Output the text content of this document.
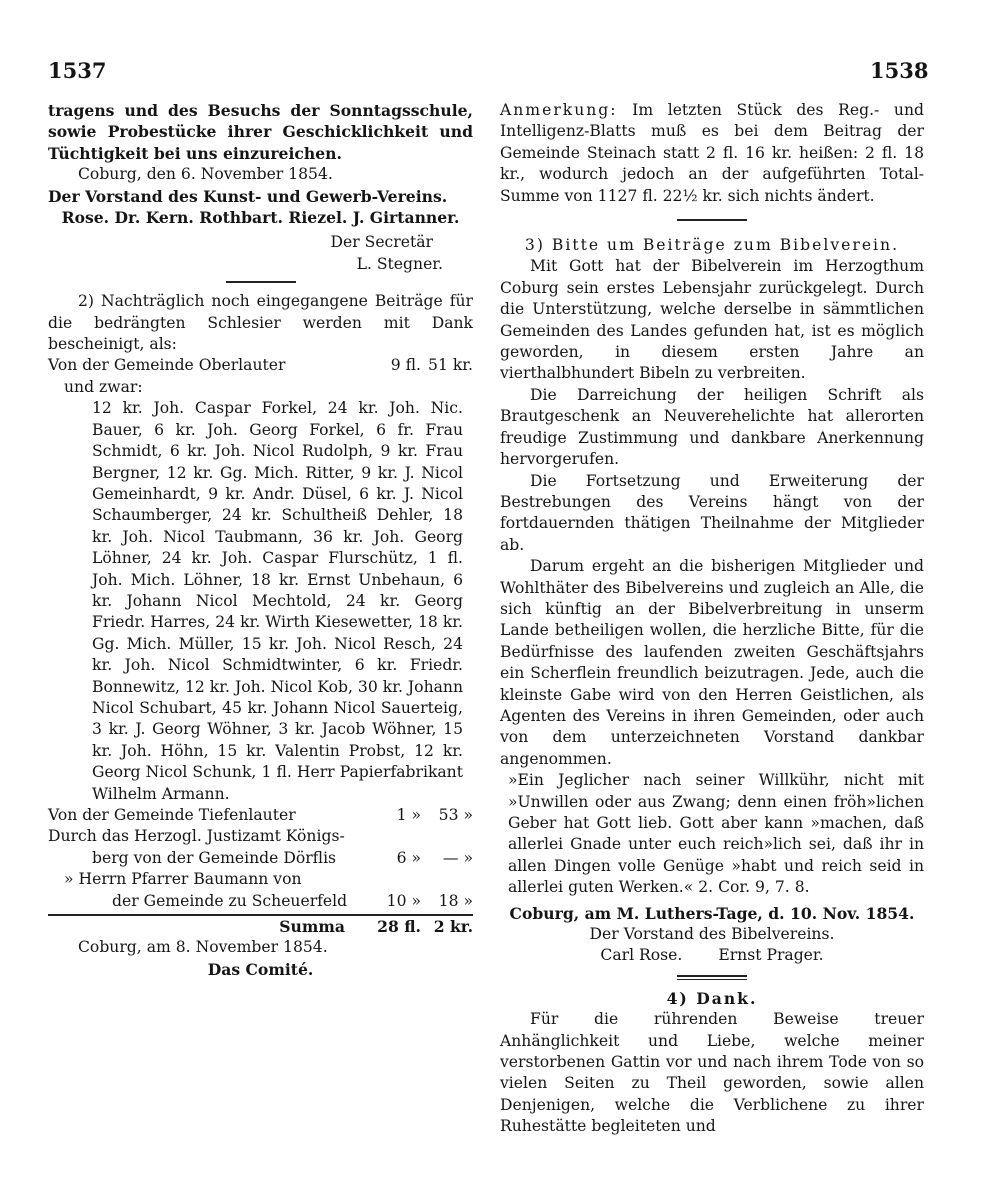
1537	1538
tragens und des Besuchs der Sonntagsschule, sowie Probestücke ihrer Geschicklichkeit und Tüchtigkeit bei uns einzureichen.
Coburg, den 6. November 1854.
Der Vorstand des Kunst- und Gewerb-Vereins.
Rose. Dr. Kern. Rothbart. Riezel. J. Girtanner.
Der Secretär
L. Stegner.
2) Nachträglich noch eingegangene Beiträge für die bedrängten Schlesier werden mit Dank bescheinigt, als:
Von der Gemeinde Oberlauter	9 fl. 51 kr.
und zwar:
12 kr. Joh. Caspar Forkel, 24 kr. Joh. Nic. Bauer, 6 kr. Joh. Georg Forkel, 6 fr. Frau Schmidt, 6 kr. Joh. Nicol Rudolph, 9 kr. Frau Bergner, 12 kr. Gg. Mich. Ritter, 9 kr. J. Nicol Gemeinhardt, 9 kr. Andr. Düsel, 6 kr. J. Nicol Schaumberger, 24 kr. Schultheiß Dehler, 18 kr. Joh. Nicol Taubmann, 36 kr. Joh. Georg Löhner, 24 kr. Joh. Caspar Flurschütz, 1 fl. Joh. Mich. Löhner, 18 kr. Ernst Unbehaun, 6 kr. Johann Nicol Mechtold, 24 kr. Georg Friedr. Harres, 24 kr. Wirth Kiesewetter, 18 kr. Gg. Mich. Müller, 15 kr. Joh. Nicol Resch, 24 kr. Joh. Nicol Schmidtwinter, 6 kr. Friedr. Bonnewitz, 12 kr. Joh. Nicol Kob, 30 kr. Johann Nicol Schubart, 45 kr. Johann Nicol Sauerteig, 3 kr. J. Georg Wöhner, 3 kr. Jacob Wöhner, 15 kr. Joh. Höhn, 15 kr. Valentin Probst, 12 kr. Georg Nicol Schunk, 1 fl. Herr Papierfabrikant Wilhelm Armann.
Von der Gemeinde Tiefenlauter	1 »	53 »
Durch das Herzogl. Justizamt Königs-
berg von der Gemeinde Dörflis	6 »	— »
» Herrn Pfarrer Baumann von
der Gemeinde zu Scheuerfeld	10 »	18 »
Summa	28 fl. 2 kr.
Coburg, am 8. November 1854.
Das Comité.
Anmerkung: Im letzten Stück des Reg.- und Intelligenz-Blatts muß es bei dem Beitrag der Gemeinde Steinach statt 2 fl. 16 kr. heißen: 2 fl. 18 kr., wodurch jedoch an der aufgeführten Total-Summe von 1127 fl. 22½ kr. sich nichts ändert.
3) Bitte um Beiträge zum Bibelverein.
Mit Gott hat der Bibelverein im Herzogthum Coburg sein erstes Lebensjahr zurückgelegt. Durch die Unterstützung, welche derselbe in sämmtlichen Gemeinden des Landes gefunden hat, ist es möglich geworden, in diesem ersten Jahre an vierthalbhundert Bibeln zu verbreiten.
Die Darreichung der heiligen Schrift als Brautgeschenk an Neuverehelichte hat allerorten freudige Zustimmung und dankbare Anerkennung hervorgerufen.
Die Fortsetzung und Erweiterung der Bestrebungen des Vereins hängt von der fortdauernden thätigen Theilnahme der Mitglieder ab.
Darum ergeht an die bisherigen Mitglieder und Wohlthäter des Bibelvereins und zugleich an Alle, die sich künftig an der Bibelverbreitung in unserm Lande betheiligen wollen, die herzliche Bitte, für die Bedürfnisse des laufenden zweiten Geschäftsjahrs ein Scherflein freundlich beizutragen. Jede, auch die kleinste Gabe wird von den Herren Geistlichen, als Agenten des Vereins in ihren Gemeinden, oder auch von dem unterzeichneten Vorstand dankbar angenommen.
»Ein Jeglicher nach seiner Willkühr, nicht mit »Unwillen oder aus Zwang; denn einen fröh»lichen Geber hat Gott lieb. Gott aber kann »machen, daß allerlei Gnade unter euch reich»lich sei, daß ihr in allen Dingen volle Genüge »habt und reich seid in allerlei guten Werken.« 2. Cor. 9, 7. 8.
Coburg, am M. Luthers-Tage, d. 10. Nov. 1854.
Der Vorstand des Bibelvereins.
Carl Rose. Ernst Prager.
4) Dank.
Für die rührenden Beweise treuer Anhänglichkeit und Liebe, welche meiner verstorbenen Gattin vor und nach ihrem Tode von so vielen Seiten zu Theil geworden, sowie allen Denjenigen, welche die Verblichene zu ihrer Ruhestätte begleiteten und
